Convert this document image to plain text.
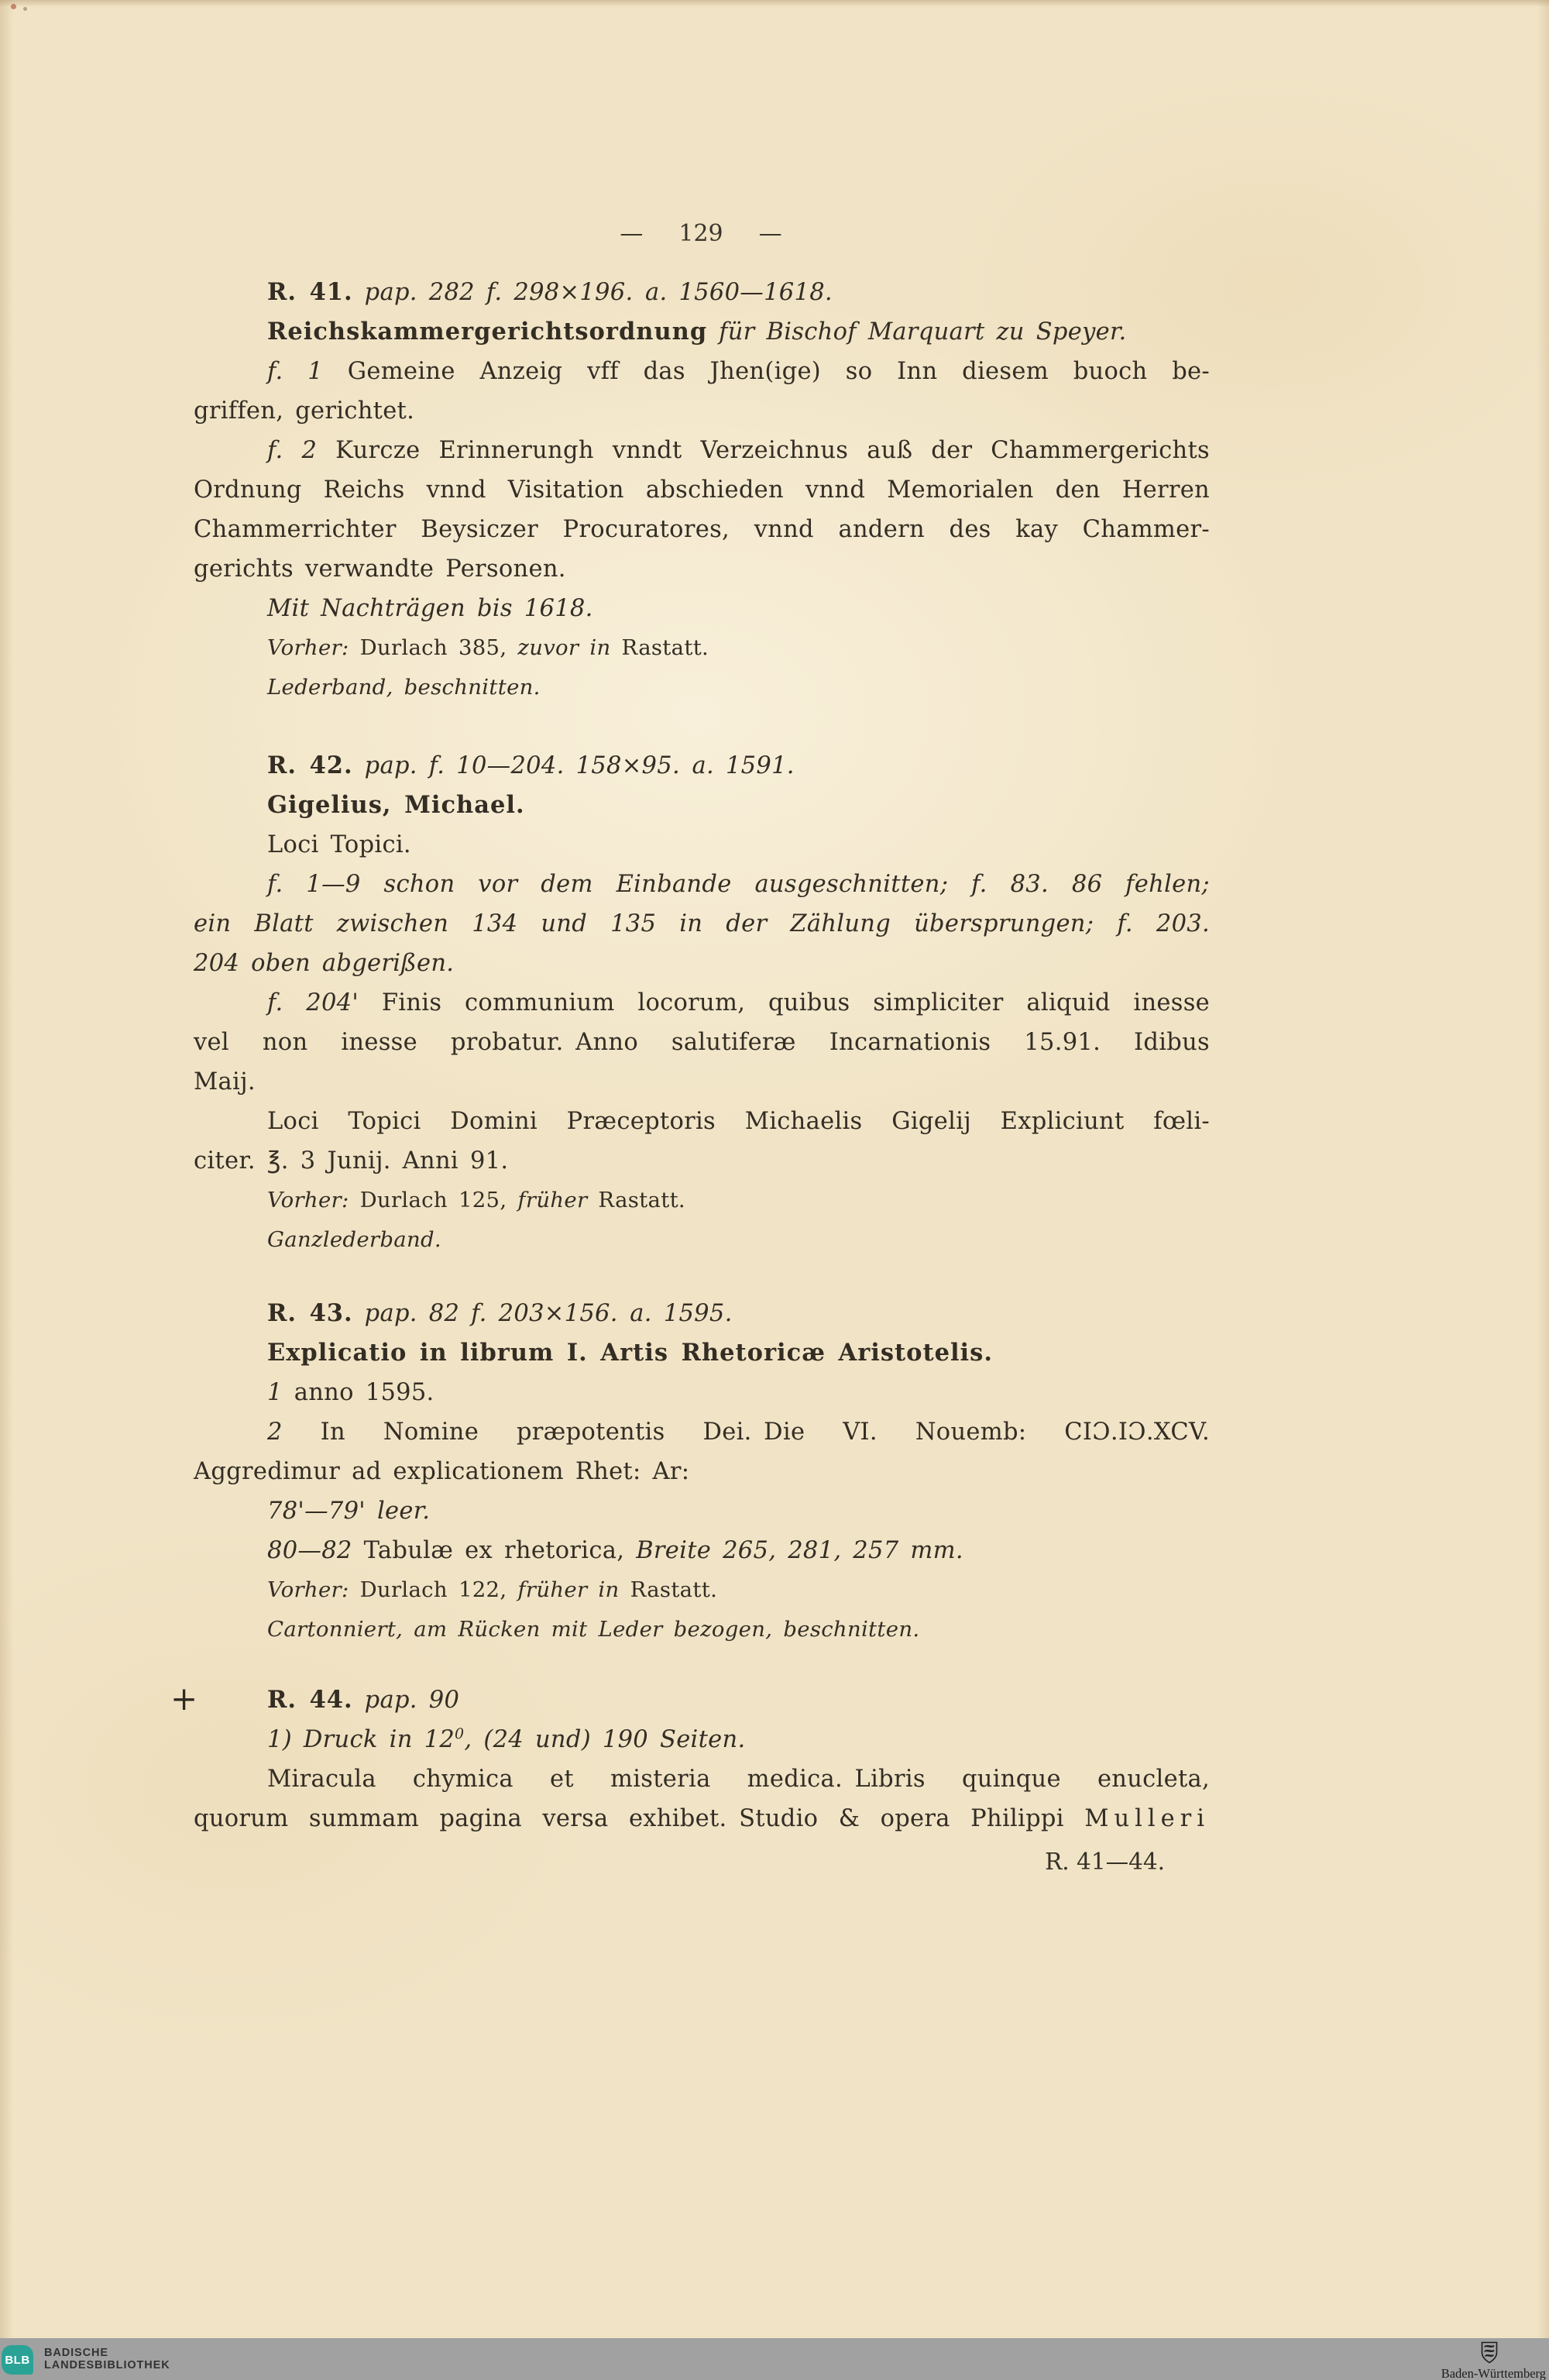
— 129 —
+
R. 41. pap. 282 f. 298×196. a. 1560—1618.
Reichskammergerichtsordnung für Bischof Marquart zu Speyer.
f. 1 Gemeine Anzeig vff das Jhen(ige) so Inn diesem buoch be-
griffen, gerichtet.
f. 2 Kurcze Erinnerungh vnndt Verzeichnus auß der Chammergerichts
Ordnung Reichs vnnd Visitation abschieden vnnd Memorialen den Herren
Chammerrichter Beysiczer Procuratores, vnnd andern des kay Chammer-
gerichts verwandte Personen.
Mit Nachträgen bis 1618.
Vorher: Durlach 385, zuvor in Rastatt.
Lederband, beschnitten.
R. 42. pap. f. 10—204. 158×95. a. 1591.
Gigelius, Michael.
Loci Topici.
f. 1—9 schon vor dem Einbande ausgeschnitten; f. 83. 86 fehlen;
ein Blatt zwischen 134 und 135 in der Zählung übersprungen; f. 203.
204 oben abgerißen.
f. 204' Finis communium locorum, quibus simpliciter aliquid inesse
vel non inesse probatur. Anno salutiferæ Incarnationis 15.91. Idibus
Maij.
Loci Topici Domini Præceptoris Michaelis Gigelij Expliciunt fœli-
citer. ℥. 3 Junij. Anni 91.
Vorher: Durlach 125, früher Rastatt.
Ganzlederband.
R. 43. pap. 82 f. 203×156. a. 1595.
Explicatio in librum I. Artis Rhetoricæ Aristotelis.
1 anno 1595.
2 In Nomine præpotentis Dei. Die VI. Nouemb: CIƆ.IƆ.XCV.
Aggredimur ad explicationem Rhet: Ar:
78'—79' leer.
80—82 Tabulæ ex rhetorica, Breite 265, 281, 257 mm.
Vorher: Durlach 122, früher in Rastatt.
Cartonniert, am Rücken mit Leder bezogen, beschnitten.
R. 44. pap. 90
1) Druck in $12^0$, (24 und) 190 Seiten.
Miracula chymica et misteria medica. Libris quinque enucleta,
quorum summam pagina versa exhibet. Studio & opera Philippi Mulleri
R. 41—44.
BLB
BADISCHE
LANDESBIBLIOTHEK
Baden-Württemberg
